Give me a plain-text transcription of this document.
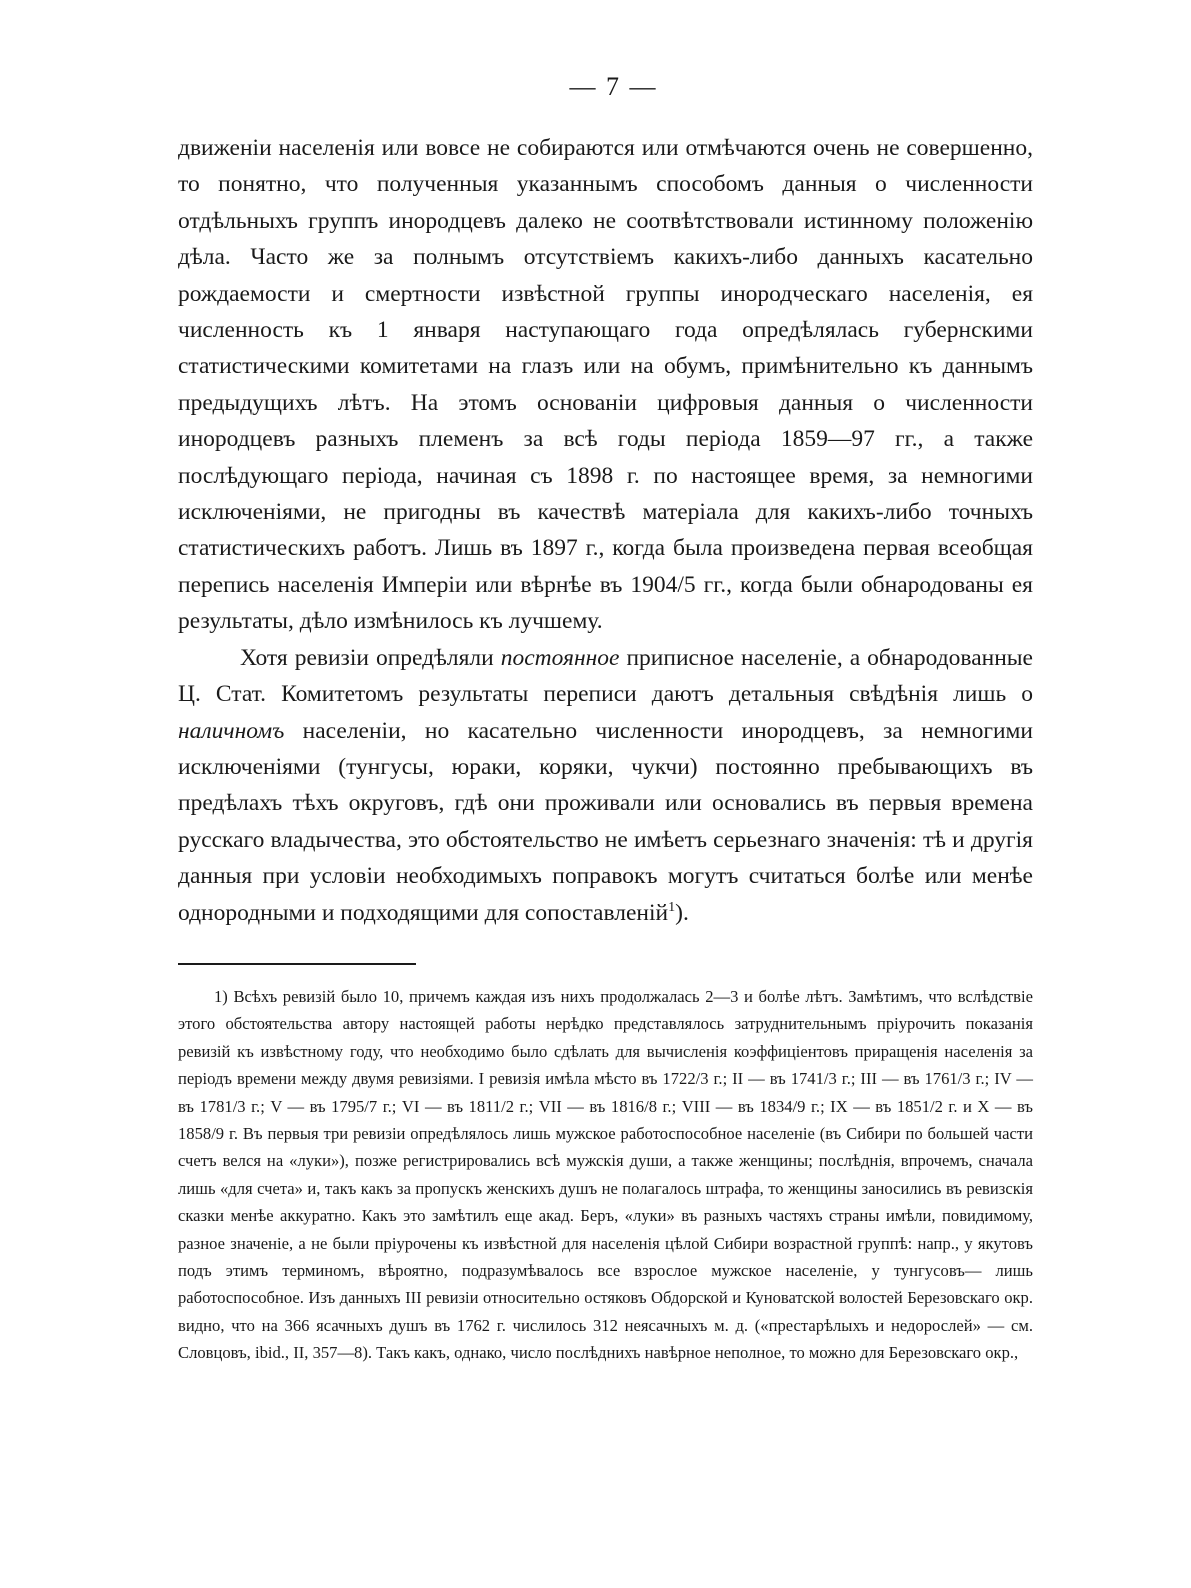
— 7 —

движенiи населенiя или вовсе не собираются или отмѣчаются очень не совершенно, то понятно, что полученныя указаннымъ способомъ данныя о численности отдѣльныхъ группъ инородцевъ далеко не соотвѣтствовали истинному положенiю дѣла. Часто же за полнымъ отсутствiемъ какихъ-либо данныхъ касательно рождаемости и смертности извѣстной группы инородческаго населенiя, ея численность къ 1 января наступающаго года опредѣлялась губернскими статистическими комитетами на глазъ или на обумъ, примѣнительно къ даннымъ предыдущихъ лѣтъ. На этомъ основанiи цифровыя данныя о численности инородцевъ разныхъ племенъ за всѣ годы перiода 1859—97 гг., а также послѣдующаго перiода, начиная съ 1898 г. по настоящее время, за немногими исключенiями, не пригодны въ качествѣ матерiала для какихъ-либо точныхъ статистическихъ работъ. Лишь въ 1897 г., когда была произведена первая всеобщая перепись населенiя Имперiи или вѣрнѣе въ 1904/5 гг., когда были обнародованы ея результаты, дѣло измѣнилось къ лучшему.

Хотя ревизiи опредѣляли постоянное приписное населенiе, а обнародованные Ц. Стат. Комитетомъ результаты переписи даютъ детальныя свѣдѣнiя лишь о наличномъ населенiи, но касательно численности инородцевъ, за немногими исключенiями (тунгусы, юраки, коряки, чукчи) постоянно пребывающихъ въ предѣлахъ тѣхъ округовъ, гдѣ они проживали или основались въ первыя времена русскаго владычества, это обстоятельство не имѣетъ серьезнаго значенiя: тѣ и другiя данныя при условiи необходимыхъ поправокъ могутъ считаться болѣе или менѣе однородными и подходящими для сопоставленiй$^1$).

1) Всѣхъ ревизiй было 10, причемъ каждая изъ нихъ продолжалась 2—3 и болѣе лѣтъ. Замѣтимъ, что вслѣдствiе этого обстоятельства автору настоящей работы нерѣдко представлялось затруднительнымъ прiурочить показанiя ревизiй къ извѣстному году, что необходимо было сдѣлать для вычисленiя коэффицiентовъ приращенiя населенiя за перiодъ времени между двумя ревизiями. I ревизiя имѣла мѣсто въ 1722/3 г.; II — въ 1741/3 г.; III — въ 1761/3 г.; IV — въ 1781/3 г.; V — въ 1795/7 г.; VI — въ 1811/2 г.; VII — въ 1816/8 г.; VIII — въ 1834/9 г.; IX — въ 1851/2 г. и X — въ 1858/9 г. Въ первыя три ревизiи опредѣлялось лишь мужское работоспособное населенiе (въ Сибири по большей части счетъ велся на «луки»), позже регистрировались всѣ мужскiя души, а также женщины; послѣднiя, впрочемъ, сначала лишь «для счета» и, такъ какъ за пропускъ женскихъ душъ не полагалось штрафа, то женщины заносились въ ревизскiя сказки менѣе аккуратно. Какъ это замѣтилъ еще акад. Беръ, «луки» въ разныхъ частяхъ страны имѣли, повидимому, разное значенiе, а не были прiурочены къ извѣстной для населенiя цѣлой Сибири возрастной группѣ: напр., у якутовъ подъ этимъ терминомъ, вѣроятно, подразумѣвалось все взрослое мужское населенiе, у тунгусовъ— лишь работоспособное. Изъ данныхъ III ревизiи относительно остяковъ Обдорской и Куноватской волостей Березовскаго окр. видно, что на 366 ясачныхъ душъ въ 1762 г. числилось 312 неясачныхъ м. д. («престарѣлыхъ и недорослей» — см. Словцовъ, ibid., II, 357—8). Такъ какъ, однако, число послѣднихъ навѣрное неполное, то можно для Березовскаго окр.,
